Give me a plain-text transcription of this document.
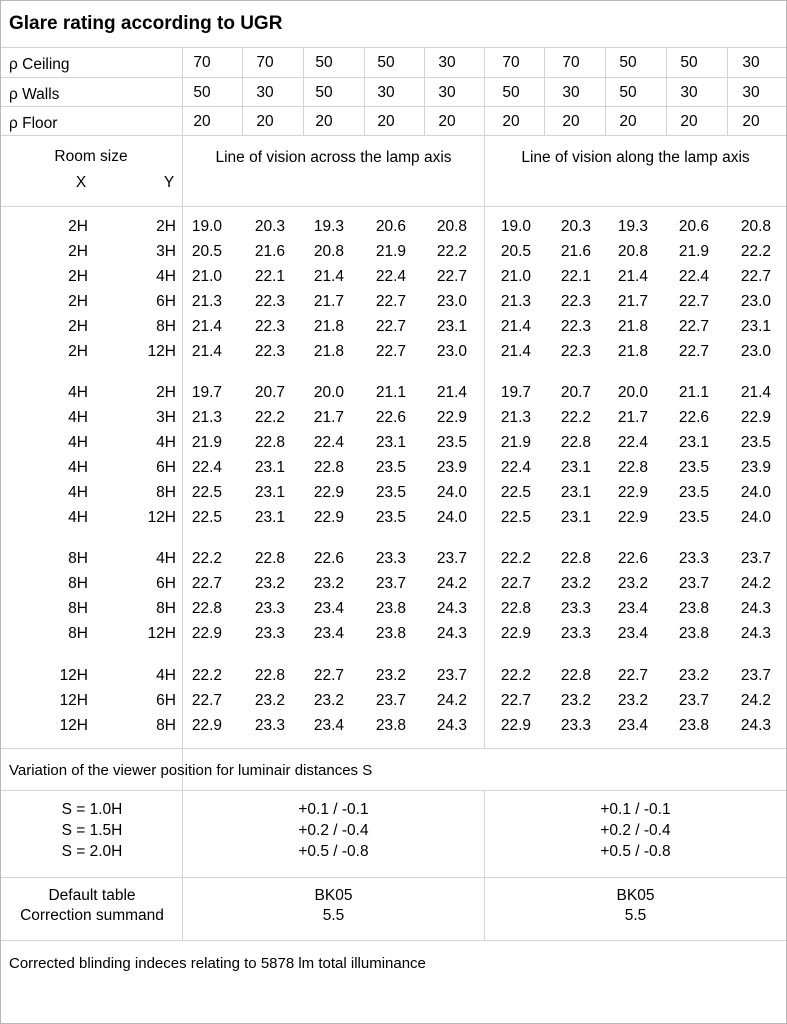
Glare rating according to UGR
ρ Ceiling	70	70	50	50	30	70	70	50	50	30
ρ Walls	50	30	50	30	30	50	30	50	30	30
ρ Floor	20	20	20	20	20	20	20	20	20	20
Room size
X	Y
Line of vision across the lamp axis	Line of vision along the lamp axis
2H	2H	19.0	20.3	19.3	20.6	20.8	19.0	20.3	19.3	20.6	20.8
2H	3H	20.5	21.6	20.8	21.9	22.2	20.5	21.6	20.8	21.9	22.2
2H	4H	21.0	22.1	21.4	22.4	22.7	21.0	22.1	21.4	22.4	22.7
2H	6H	21.3	22.3	21.7	22.7	23.0	21.3	22.3	21.7	22.7	23.0
2H	8H	21.4	22.3	21.8	22.7	23.1	21.4	22.3	21.8	22.7	23.1
2H	12H	21.4	22.3	21.8	22.7	23.0	21.4	22.3	21.8	22.7	23.0
4H	2H	19.7	20.7	20.0	21.1	21.4	19.7	20.7	20.0	21.1	21.4
4H	3H	21.3	22.2	21.7	22.6	22.9	21.3	22.2	21.7	22.6	22.9
4H	4H	21.9	22.8	22.4	23.1	23.5	21.9	22.8	22.4	23.1	23.5
4H	6H	22.4	23.1	22.8	23.5	23.9	22.4	23.1	22.8	23.5	23.9
4H	8H	22.5	23.1	22.9	23.5	24.0	22.5	23.1	22.9	23.5	24.0
4H	12H	22.5	23.1	22.9	23.5	24.0	22.5	23.1	22.9	23.5	24.0
8H	4H	22.2	22.8	22.6	23.3	23.7	22.2	22.8	22.6	23.3	23.7
8H	6H	22.7	23.2	23.2	23.7	24.2	22.7	23.2	23.2	23.7	24.2
8H	8H	22.8	23.3	23.4	23.8	24.3	22.8	23.3	23.4	23.8	24.3
8H	12H	22.9	23.3	23.4	23.8	24.3	22.9	23.3	23.4	23.8	24.3
12H	4H	22.2	22.8	22.7	23.2	23.7	22.2	22.8	22.7	23.2	23.7
12H	6H	22.7	23.2	23.2	23.7	24.2	22.7	23.2	23.2	23.7	24.2
12H	8H	22.9	23.3	23.4	23.8	24.3	22.9	23.3	23.4	23.8	24.3
Variation of the viewer position for luminair distances S
S = 1.0H	+0.1 / -0.1	+0.1 / -0.1
S = 1.5H	+0.2 / -0.4	+0.2 / -0.4
S = 2.0H	+0.5 / -0.8	+0.5 / -0.8
Default table	BK05	BK05
Correction summand	5.5	5.5
Corrected blinding indeces relating to 5878 lm total illuminance
